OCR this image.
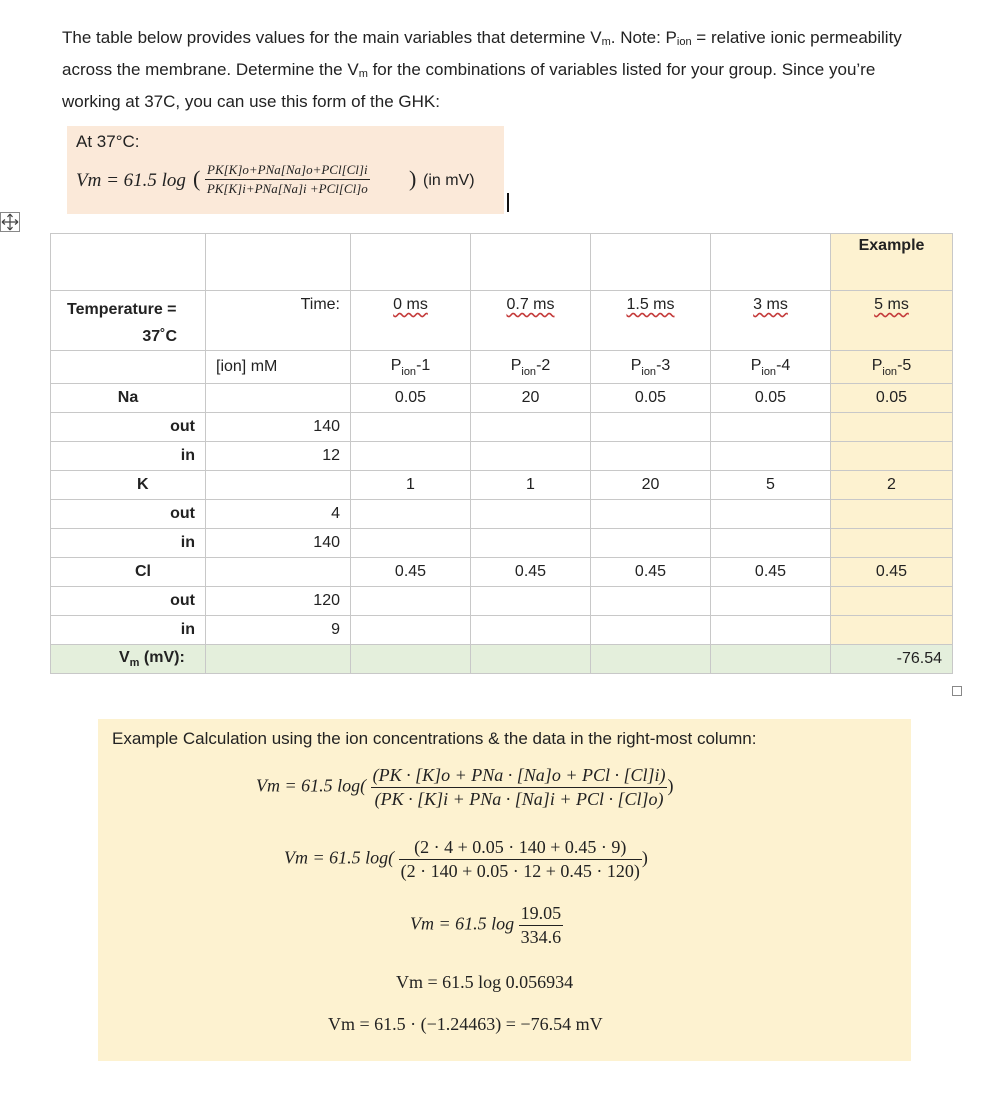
The table below provides values for the main variables that determine $V_m$. Note: $P_{ion}$ = relative ionic permeability across the membrane. Determine the $V_m$ for the combinations of variables listed for your group. Since you’re working at 37C, you can use this form of the GHK:

At 37°C:
Vm = 61.5 log ( PK[K]o+PNa[Na]o+PCl[Cl]i
PK[K]i+PNa[Na]i +PCl[Cl]o ) (in mV)
						Example

Temperature =
37˚C	Time:	0 ms	0.7 ms	1.5 ms	3 ms	5 ms
	[ion] mM	$P_{ion}-1$	$P_{ion}-2$	$P_{ion}-3$	$P_{ion}-4$	$P_{ion}-5$
Na		0.05	20	0.05	0.05	0.05
out	140					
in	12					
K		1	1	20	5	2
out	4					
in	140					
Cl		0.45	0.45	0.45	0.45	0.45
out	120					
in	9					
$V_m$ (mV):						-76.54
Example Calculation using the ion concentrations & the data in the right-most column:
Vm = 61.5 log(
(PK · [K]o + PNa · [Na]o + PCl · [Cl]i)
(PK · [K]i + PNa · [Na]i + PCl · [Cl]o)
)
Vm = 61.5 $\log( \frac{(2 \cdot 4 + 0.05 \cdot 140 + 0.45 \cdot 9)}{(2 \cdot 140 + 0.05 \cdot 12 + 0.45 \cdot 120)}$ )
Vm = 61.5 $\log \frac{19.05}{334.6}$
Vm = 61.5 log 0.056934
Vm = 61.5 · (−1.24463) = −76.54 mV
